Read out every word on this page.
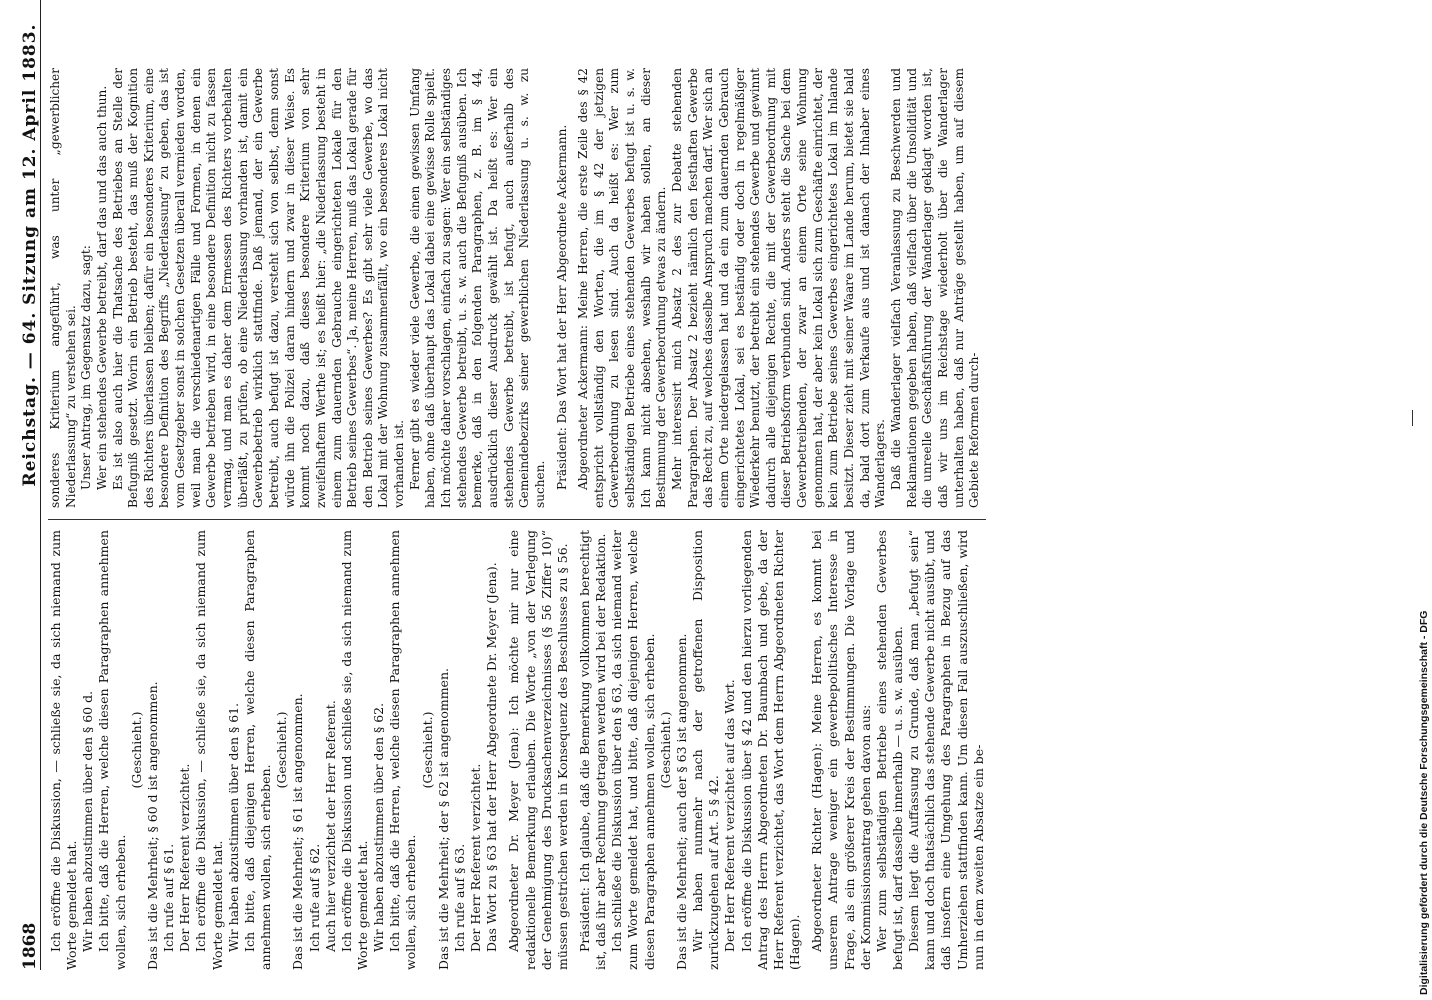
1868
Reichstag. — 64. Sitzung am 12. April 1883.

Ich eröffne die Diskussion, — schließe sie, da sich niemand zum Worte gemeldet hat. Wir haben abzustimmen über den § 60 d. Ich bitte, daß die Herren, welche diesen Paragraphen annehmen wollen, sich erheben.

(Geschieht.) Das ist die Mehrheit; § 60 d ist angenommen. Ich rufe auf § 61. Der Herr Referent verzichtet. Ich eröffne die Diskussion, — schließe sie, da sich niemand zum Worte gemeldet hat. Wir haben abzustimmen über den § 61. Ich bitte, daß diejenigen Herren, welche diesen Paragraphen annehmen wollen, sich erheben.

(Geschieht.) Das ist die Mehrheit; § 61 ist angenommen. Ich rufe auf § 62. Auch hier verzichtet der Herr Referent. Ich eröffne die Diskussion und schließe sie, da sich niemand zum Worte gemeldet hat. Wir haben abzustimmen über den § 62. Ich bitte, daß die Herren, welche diesen Paragraphen annehmen wollen, sich erheben.

(Geschieht.) Das ist die Mehrheit; der § 62 ist angenommen. Ich rufe auf § 63. Der Herr Referent verzichtet. Das Wort zu § 63 hat der Herr Abgeordnete Dr. Meyer (Jena). Abgeordneter Dr. Meyer (Jena): Ich möchte mir nur eine redaktionelle Bemerkung erlauben. Die Worte „von der Verlegung der Genehmigung des Drucksachenverzeichnisses (§ 56 Ziffer 10)“ müssen gestrichen werden in Konsequenz des Beschlusses zu § 56. Präsident: Ich glaube, daß die Bemerkung vollkommen berechtigt ist, daß ihr aber Rechnung getragen werden wird bei der Redaktion. Ich schließe die Diskussion über den § 63, da sich niemand weiter zum Worte gemeldet hat, und bitte, daß diejenigen Herren, welche diesen Paragraphen annehmen wollen, sich erheben. (Geschieht.) Das ist die Mehrheit; auch der § 63 ist angenommen. Wir haben nunmehr nach der getroffenen Disposition zurückzugehen auf Art. 5 § 42. Der Herr Referent verzichtet auf das Wort. Ich eröffne die Diskussion über § 42 und den hierzu vorliegenden Antrag des Herrn Abgeordneten Dr. Baumbach und gebe, da der Herr Referent verzichtet, das Wort dem Herrn Abgeordneten Richter (Hagen). Abgeordneter Richter (Hagen): Meine Herren, es kommt bei unserem Antrage weniger ein gewerbepolitisches Interesse in Frage, als ein größerer Kreis der Bestimmungen. Die Vorlage und der Kommissionsantrag gehen davon aus: Wer zum selbständigen Betriebe eines stehenden Gewerbes befugt ist, darf dasselbe innerhalb — u. s. w. ausüben. Diesem liegt die Auffassung zu Grunde, daß man „befugt sein“ kann und doch thatsächlich das stehende Gewerbe nicht ausübt, und daß insofern eine Umgehung des Paragraphen in Bezug auf das Umherziehen stattfinden kann. Um diesen Fall auszuschließen, wird nun in dem zweiten Absatze ein be-

sonderes Kriterium angeführt, was unter „gewerblicher Niederlassung“ zu verstehen sei. Unser Antrag, im Gegensatz dazu, sagt: Wer ein stehendes Gewerbe betreibt, darf das und das auch thun. Es ist also auch hier die Thatsache des Betriebes an Stelle der Befugniß gesetzt. Worin ein Betrieb besteht, das muß der Kognition des Richters überlassen bleiben; dafür ein besonderes Kriterium, eine besondere Definition des Begriffs „Niederlassung“ zu geben, das ist vom Gesetzgeber sonst in solchen Gesetzen überall vermieden worden, weil man die verschiedenartigen Fälle und Formen, in denen ein Gewerbe betrieben wird, in eine besondere Definition nicht zu fassen vermag, und man es daher dem Ermessen des Richters vorbehalten überläßt, zu prüfen, ob eine Niederlassung vorhanden ist, damit ein Gewerbebetrieb wirklich stattfinde. Daß jemand, der ein Gewerbe betreibt, auch befugt ist dazu, versteht sich von selbst, denn sonst würde ihn die Polizei daran hindern und zwar in dieser Weise. Es kommt noch dazu, daß dieses besondere Kriterium von sehr zweifelhaftem Werthe ist; es heißt hier: „die Niederlassung besteht in einem zum dauernden Gebrauche eingerichteten Lokale für den Betrieb seines Gewerbes“. Ja, meine Herren, muß das Lokal gerade für den Betrieb seines Gewerbes? Es gibt sehr viele Gewerbe, wo das Lokal mit der Wohnung zusammenfällt, wo ein besonderes Lokal nicht vorhanden ist. Ferner gibt es wieder viele Gewerbe, die einen gewissen Umfang haben, ohne daß überhaupt das Lokal dabei eine gewisse Rolle spielt. Ich möchte daher vorschlagen, einfach zu sagen: Wer ein selbständiges stehendes Gewerbe betreibt, u. s. w. auch die Befugniß ausüben. Ich bemerke, daß in den folgenden Paragraphen, z. B. im § 44, ausdrücklich dieser Ausdruck gewählt ist. Da heißt es: Wer ein stehendes Gewerbe betreibt, ist befugt, auch außerhalb des Gemeindebezirks seiner gewerblichen Niederlassung u. s. w. zu suchen. Präsident: Das Wort hat der Herr Abgeordnete Ackermann. Abgeordneter Ackermann: Meine Herren, die erste Zeile des § 42 entspricht vollständig den Worten, die im § 42 der jetzigen Gewerbeordnung zu lesen sind. Auch da heißt es: Wer zum selbständigen Betriebe eines stehenden Gewerbes befugt ist u. s. w. Ich kann nicht absehen, weshalb wir haben sollen, an dieser Bestimmung der Gewerbeordnung etwas zu ändern. Mehr interessirt mich Absatz 2 des zur Debatte stehenden Paragraphen. Der Absatz 2 bezieht nämlich den festhaften Gewerbe das Recht zu, auf welches dasselbe Anspruch machen darf. Wer sich an einem Orte niedergelassen hat und da ein zum dauernden Gebrauch eingerichtetes Lokal, sei es beständig oder doch in regelmäßiger Wiederkehr benutzt, der betreibt ein stehendes Gewerbe und gewinnt dadurch alle diejenigen Rechte, die mit der Gewerbeordnung mit dieser Betriebsform verbunden sind. Anders steht die Sache bei dem Gewerbetreibenden, der zwar an einem Orte seine Wohnung genommen hat, der aber kein Lokal sich zum Geschäfte einrichtet, der kein zum Betriebe seines Gewerbes eingerichtetes Lokal im Inlande besitzt. Dieser zieht mit seiner Waare im Lande herum, bietet sie bald da, bald dort zum Verkaufe aus und ist danach der Inhaber eines Wanderlagers. Daß die Wanderlager vielfach Veranlassung zu Beschwerden und Reklamationen gegeben haben, daß vielfach über die Unsolidität und die unreelle Geschäftsführung der Wanderlager geklagt worden ist, daß wir uns im Reichstage wiederholt über die Wanderlager unterhalten haben, daß nur Anträge gestellt haben, um auf diesem Gebiete Reformen durch-

Digitalisierung gefördert durch die Deutsche Forschungsgemeinschaft - DFG
